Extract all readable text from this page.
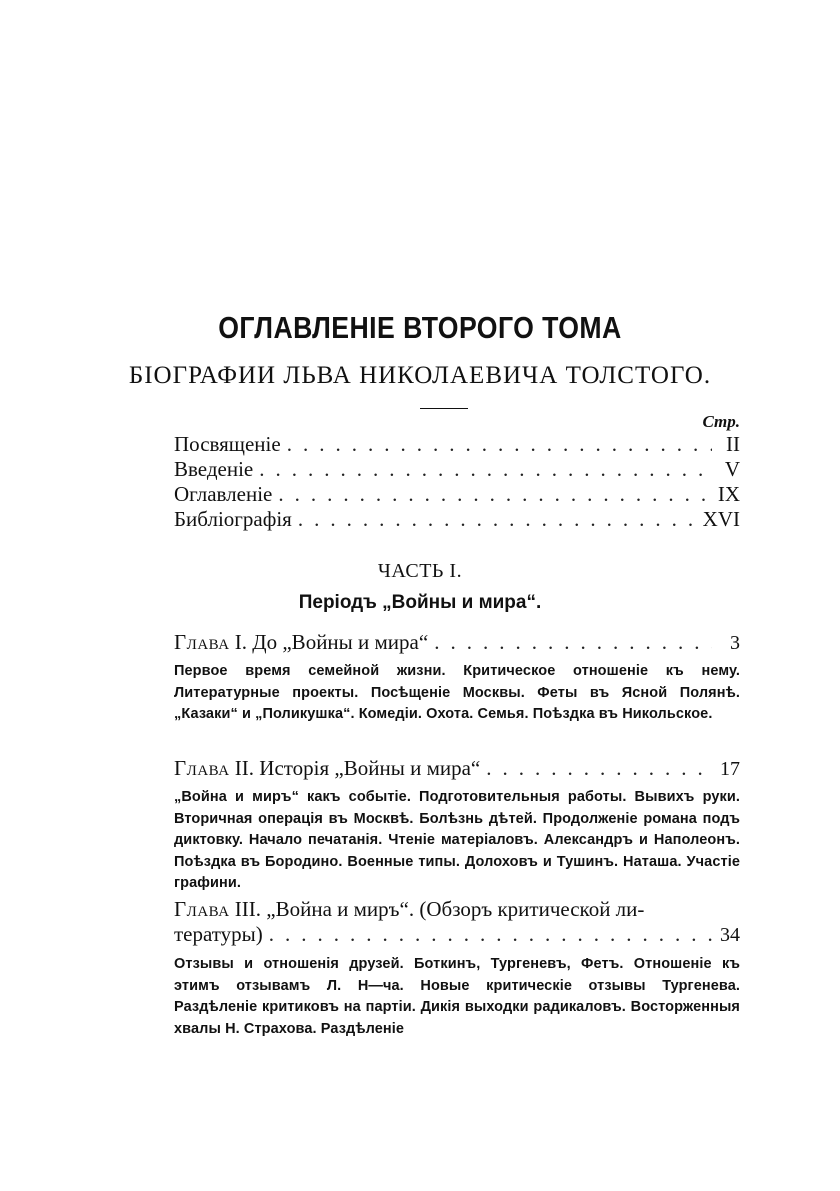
ОГЛАВЛЕНІЕ ВТОРОГО ТОМА
БІОГРАФИИ ЛЬВА НИКОЛАЕВИЧА ТОЛСТОГО.
Стр.
Посвященіе .....	II
Введеніе .....	V
Оглавленіе .....	IX
Библіографія .....	XVI
ЧАСТЬ I.
Періодъ „Войны и мира“.
Глава
I. До „Войны и мира“ .....	3
Первое время семейной жизни. Критическое отношеніе къ нему. Литературные проекты. Посѣщеніе Москвы. Феты въ Ясной Полянѣ. „Казаки“ и „Поликушка“. Комедіи. Охота. Семья. Поѣздка въ Никольское.
Глава
II. Исторія „Войны и мира“ .....	17
„Война и миръ“ какъ событіе. Подготовительныя работы. Вывихъ руки. Вторичная операція въ Москвѣ. Болѣзнь дѣтей. Продолженіе романа подъ диктовку. Начало печатанія. Чтеніе матеріаловъ. Александръ и Наполеонъ. Поѣздка въ Бородино. Военные типы. Долоховъ и Тушинъ. Наташа. Участіе графини.
Глава III. „Война и миръ“. (Обзоръ критической ли-
тературы) .....	34
Отзывы и отношенія друзей. Боткинъ, Тургеневъ, Фетъ. Отношеніе къ этимъ отзывамъ Л. Н—ча. Новые критическіе отзывы Тургенева. Раздѣленіе критиковъ на партіи. Дикія выходки радикаловъ. Восторженныя хвалы Н. Страхова. Раздѣленіе
